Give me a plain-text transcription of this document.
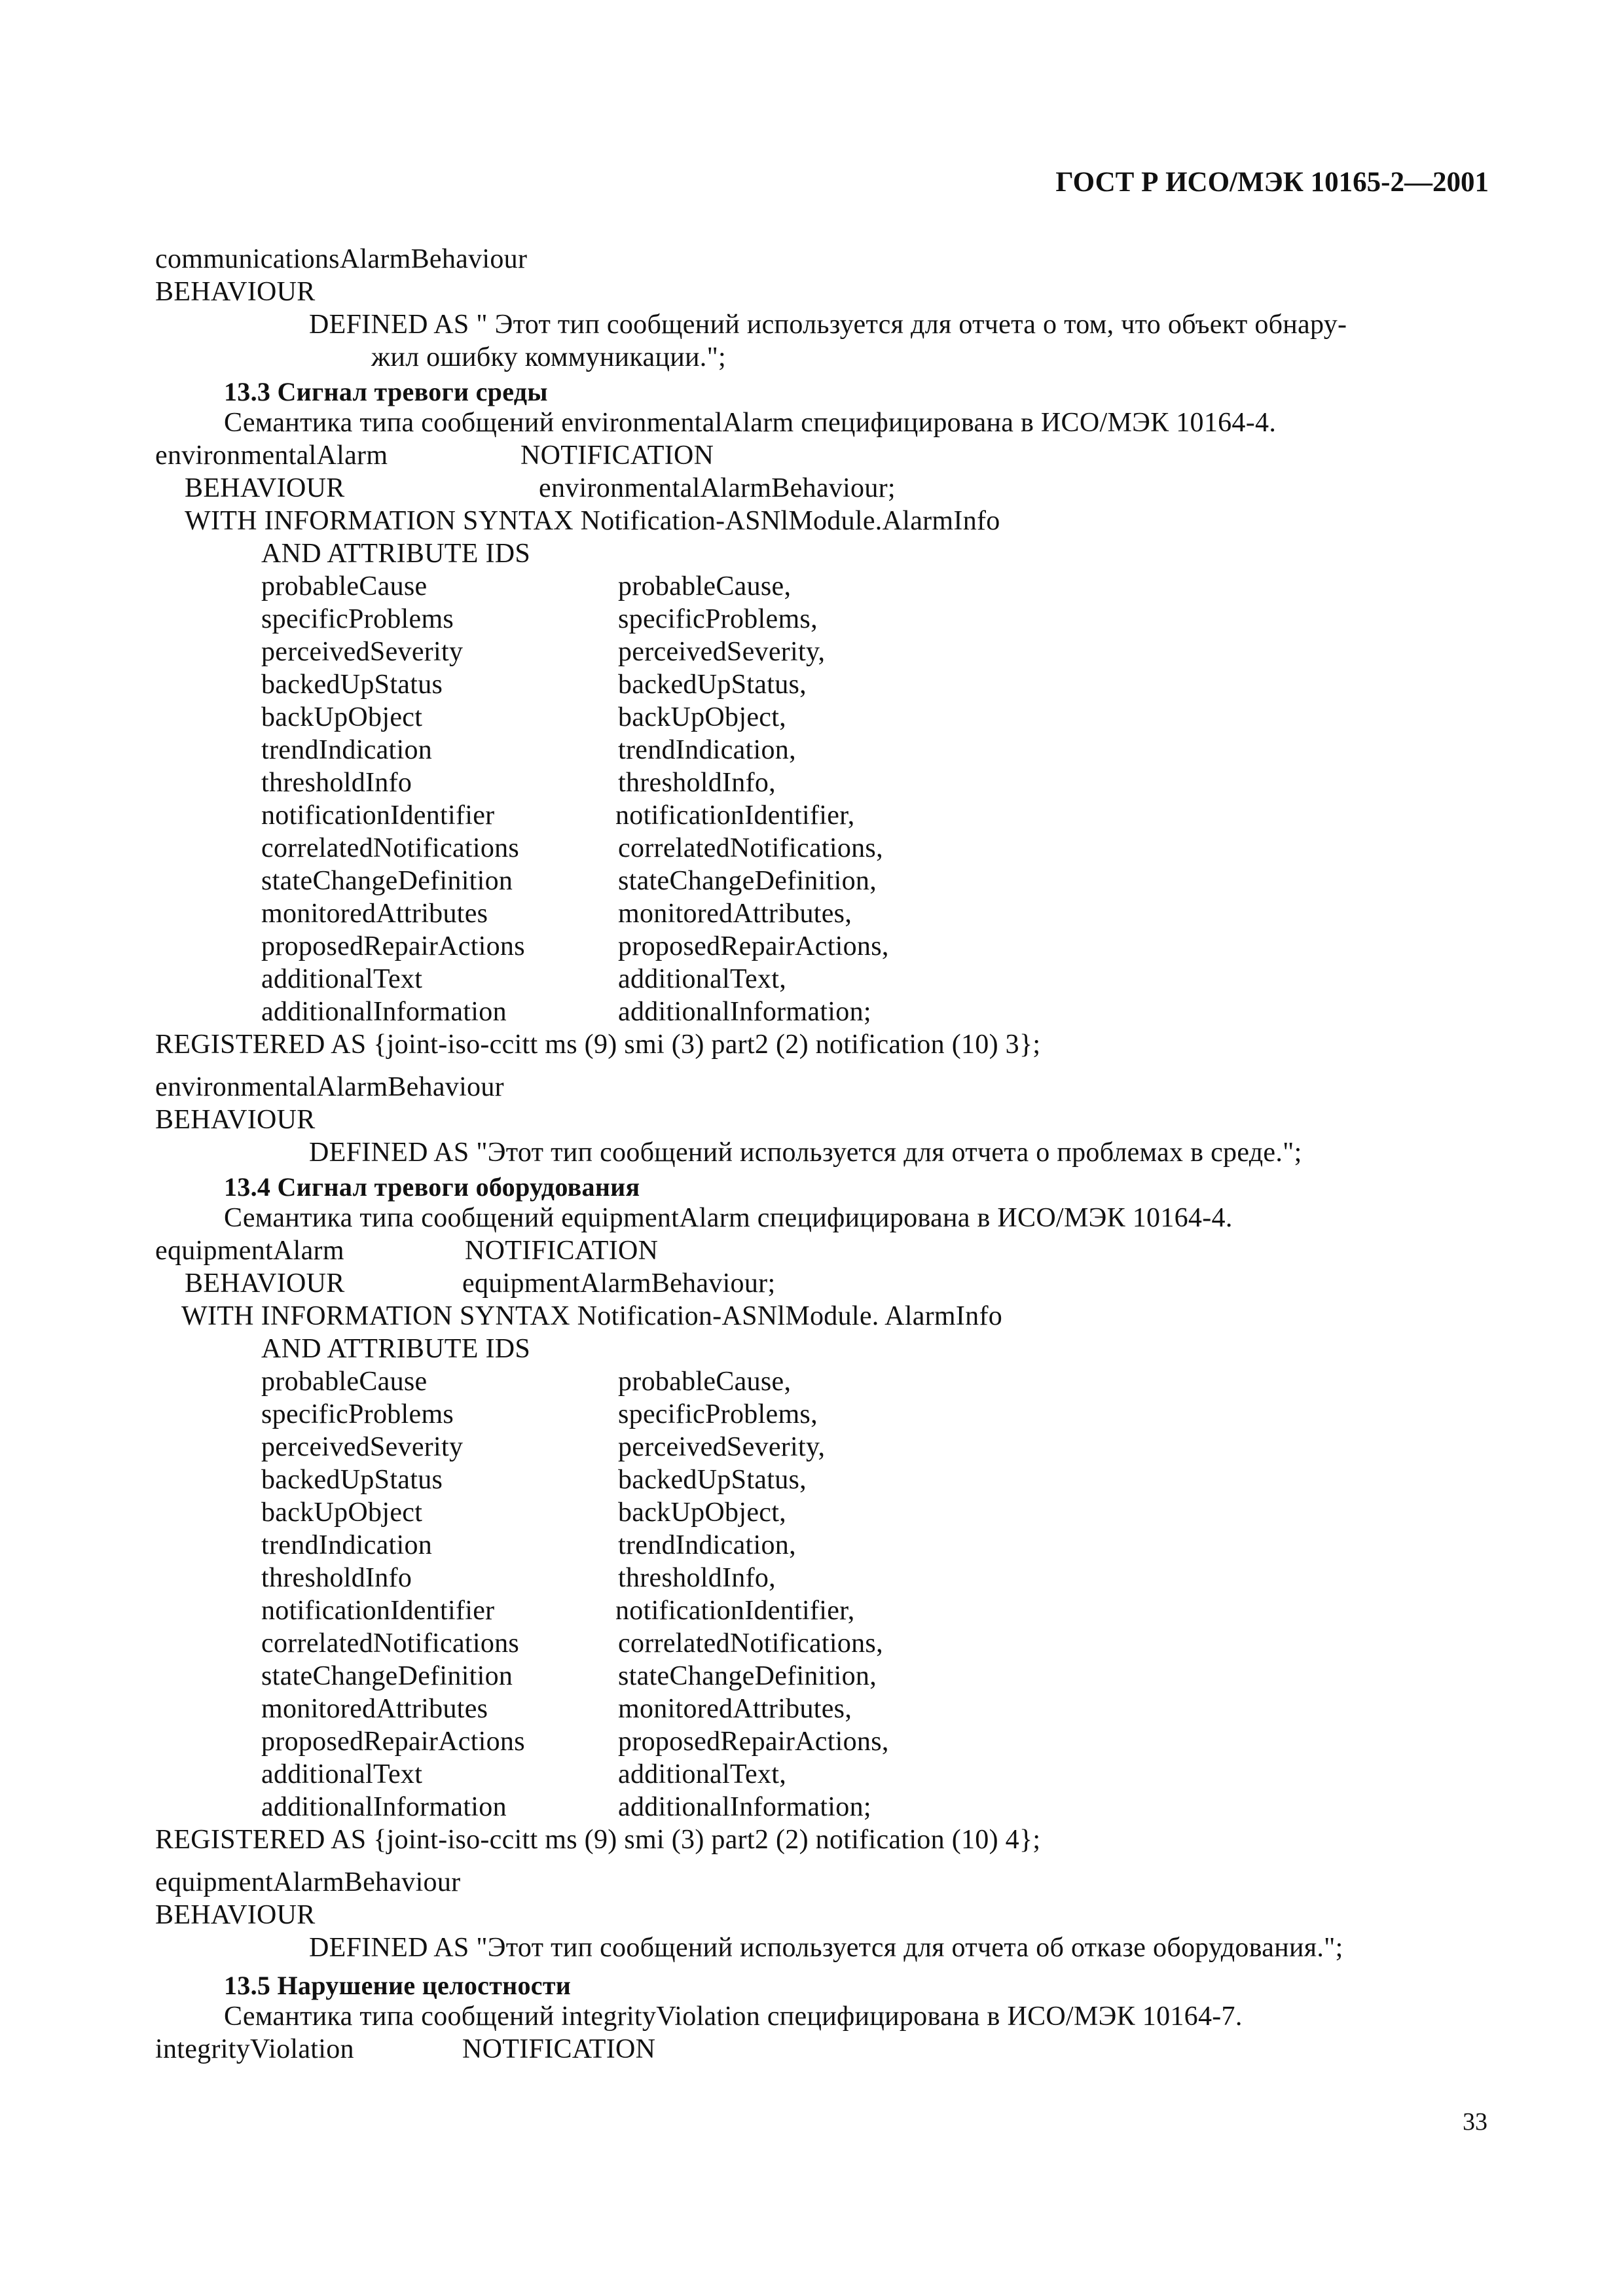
ГОСТ Р ИСО/МЭК 10165-2—2001
communicationsAlarmBehaviour
BEHAVIOUR
DEFINED AS " Этот тип сообщений используется для отчета о том, что объект обнару-
жил ошибку коммуникации.";
13.3 Сигнал тревоги среды
Семантика типа сообщений environmentalAlarm специфицирована в ИСО/МЭК 10164-4.
environmentalAlarm	NOTIFICATION
BEHAVIOUR	environmentalAlarmBehaviour;
WITH INFORMATION SYNTAX Notification-ASNlModule.AlarmInfo
AND ATTRIBUTE IDS
probableCause	probableCause,
specificProblems	specificProblems,
perceivedSeverity	perceivedSeverity,
backedUpStatus	backedUpStatus,
backUpObject	backUpObject,
trendIndication	trendIndication,
thresholdInfo	thresholdInfo,
notificationIdentifier	notificationIdentifier,
correlatedNotifications	correlatedNotifications,
stateChangeDefinition	stateChangeDefinition,
monitoredAttributes	monitoredAttributes,
proposedRepairActions	proposedRepairActions,
additionalText	additionalText,
additionalInformation	additionalInformation;
REGISTERED AS {joint-iso-ccitt ms (9) smi (3) part2 (2) notification (10) 3};
environmentalAlarmBehaviour
BEHAVIOUR
DEFINED AS "Этот тип сообщений используется для отчета о проблемах в среде.";
13.4 Сигнал тревоги оборудования
Семантика типа сообщений equipmentAlarm специфицирована в ИСО/МЭК 10164-4.
equipmentAlarm	NOTIFICATION
BEHAVIOUR	equipmentAlarmBehaviour;
WITH INFORMATION SYNTAX Notification-ASNlModule. AlarmInfo
AND ATTRIBUTE IDS
probableCause	probableCause,
specificProblems	specificProblems,
perceivedSeverity	perceivedSeverity,
backedUpStatus	backedUpStatus,
backUpObject	backUpObject,
trendIndication	trendIndication,
thresholdInfo	thresholdInfo,
notificationIdentifier	notificationIdentifier,
correlatedNotifications	correlatedNotifications,
stateChangeDefinition	stateChangeDefinition,
monitoredAttributes	monitoredAttributes,
proposedRepairActions	proposedRepairActions,
additionalText	additionalText,
additionalInformation	additionalInformation;
REGISTERED AS {joint-iso-ccitt ms (9) smi (3) part2 (2) notification (10) 4};
equipmentAlarmBehaviour
BEHAVIOUR
DEFINED AS "Этот тип сообщений используется для отчета об отказе оборудования.";
13.5 Нарушение целостности
Семантика типа сообщений integrityViolation специфицирована в ИСО/МЭК 10164-7.
integrityViolation	NOTIFICATION
33
